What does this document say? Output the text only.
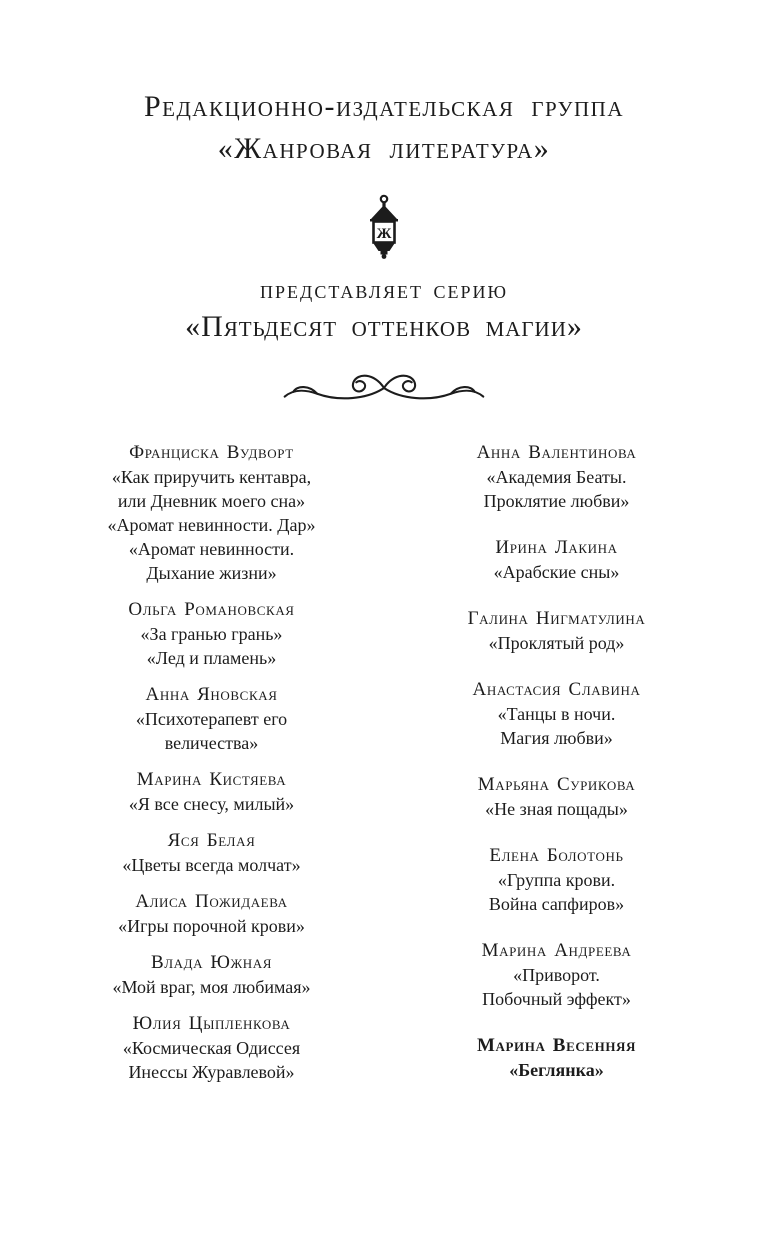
Редакционно-издательская группа
«Жанровая литература»
Ж
ПРЕДСТАВЛЯЕТ СЕРИЮ
«Пятьдесят оттенков магии»
Франциска Вудворт
«Как приручить кентавра,
или Дневник моего сна»
«Аромат невинности. Дар»
«Аромат невинности.
Дыхание жизни»
Ольга Романовская
«За гранью грань»
«Лед и пламень»
Анна Яновская
«Психотерапевт его
величества»
Марина Кистяева
«Я все снесу, милый»
Яся Белая
«Цветы всегда молчат»
Алиса Пожидаева
«Игры порочной крови»
Влада Южная
«Мой враг, моя любимая»
Юлия Цыпленкова
«Космическая Одиссея
Инессы Журавлевой»
Анна Валентинова
«Академия Беаты.
Проклятие любви»
Ирина Лакина
«Арабские сны»
Галина Нигматулина
«Проклятый род»
Анастасия Славина
«Танцы в ночи.
Магия любви»
Марьяна Сурикова
«Не зная пощады»
Елена Болотонь
«Группа крови.
Война сапфиров»
Марина Андреева
«Приворот.
Побочный эффект»
Марина Весенняя
«Беглянка»
